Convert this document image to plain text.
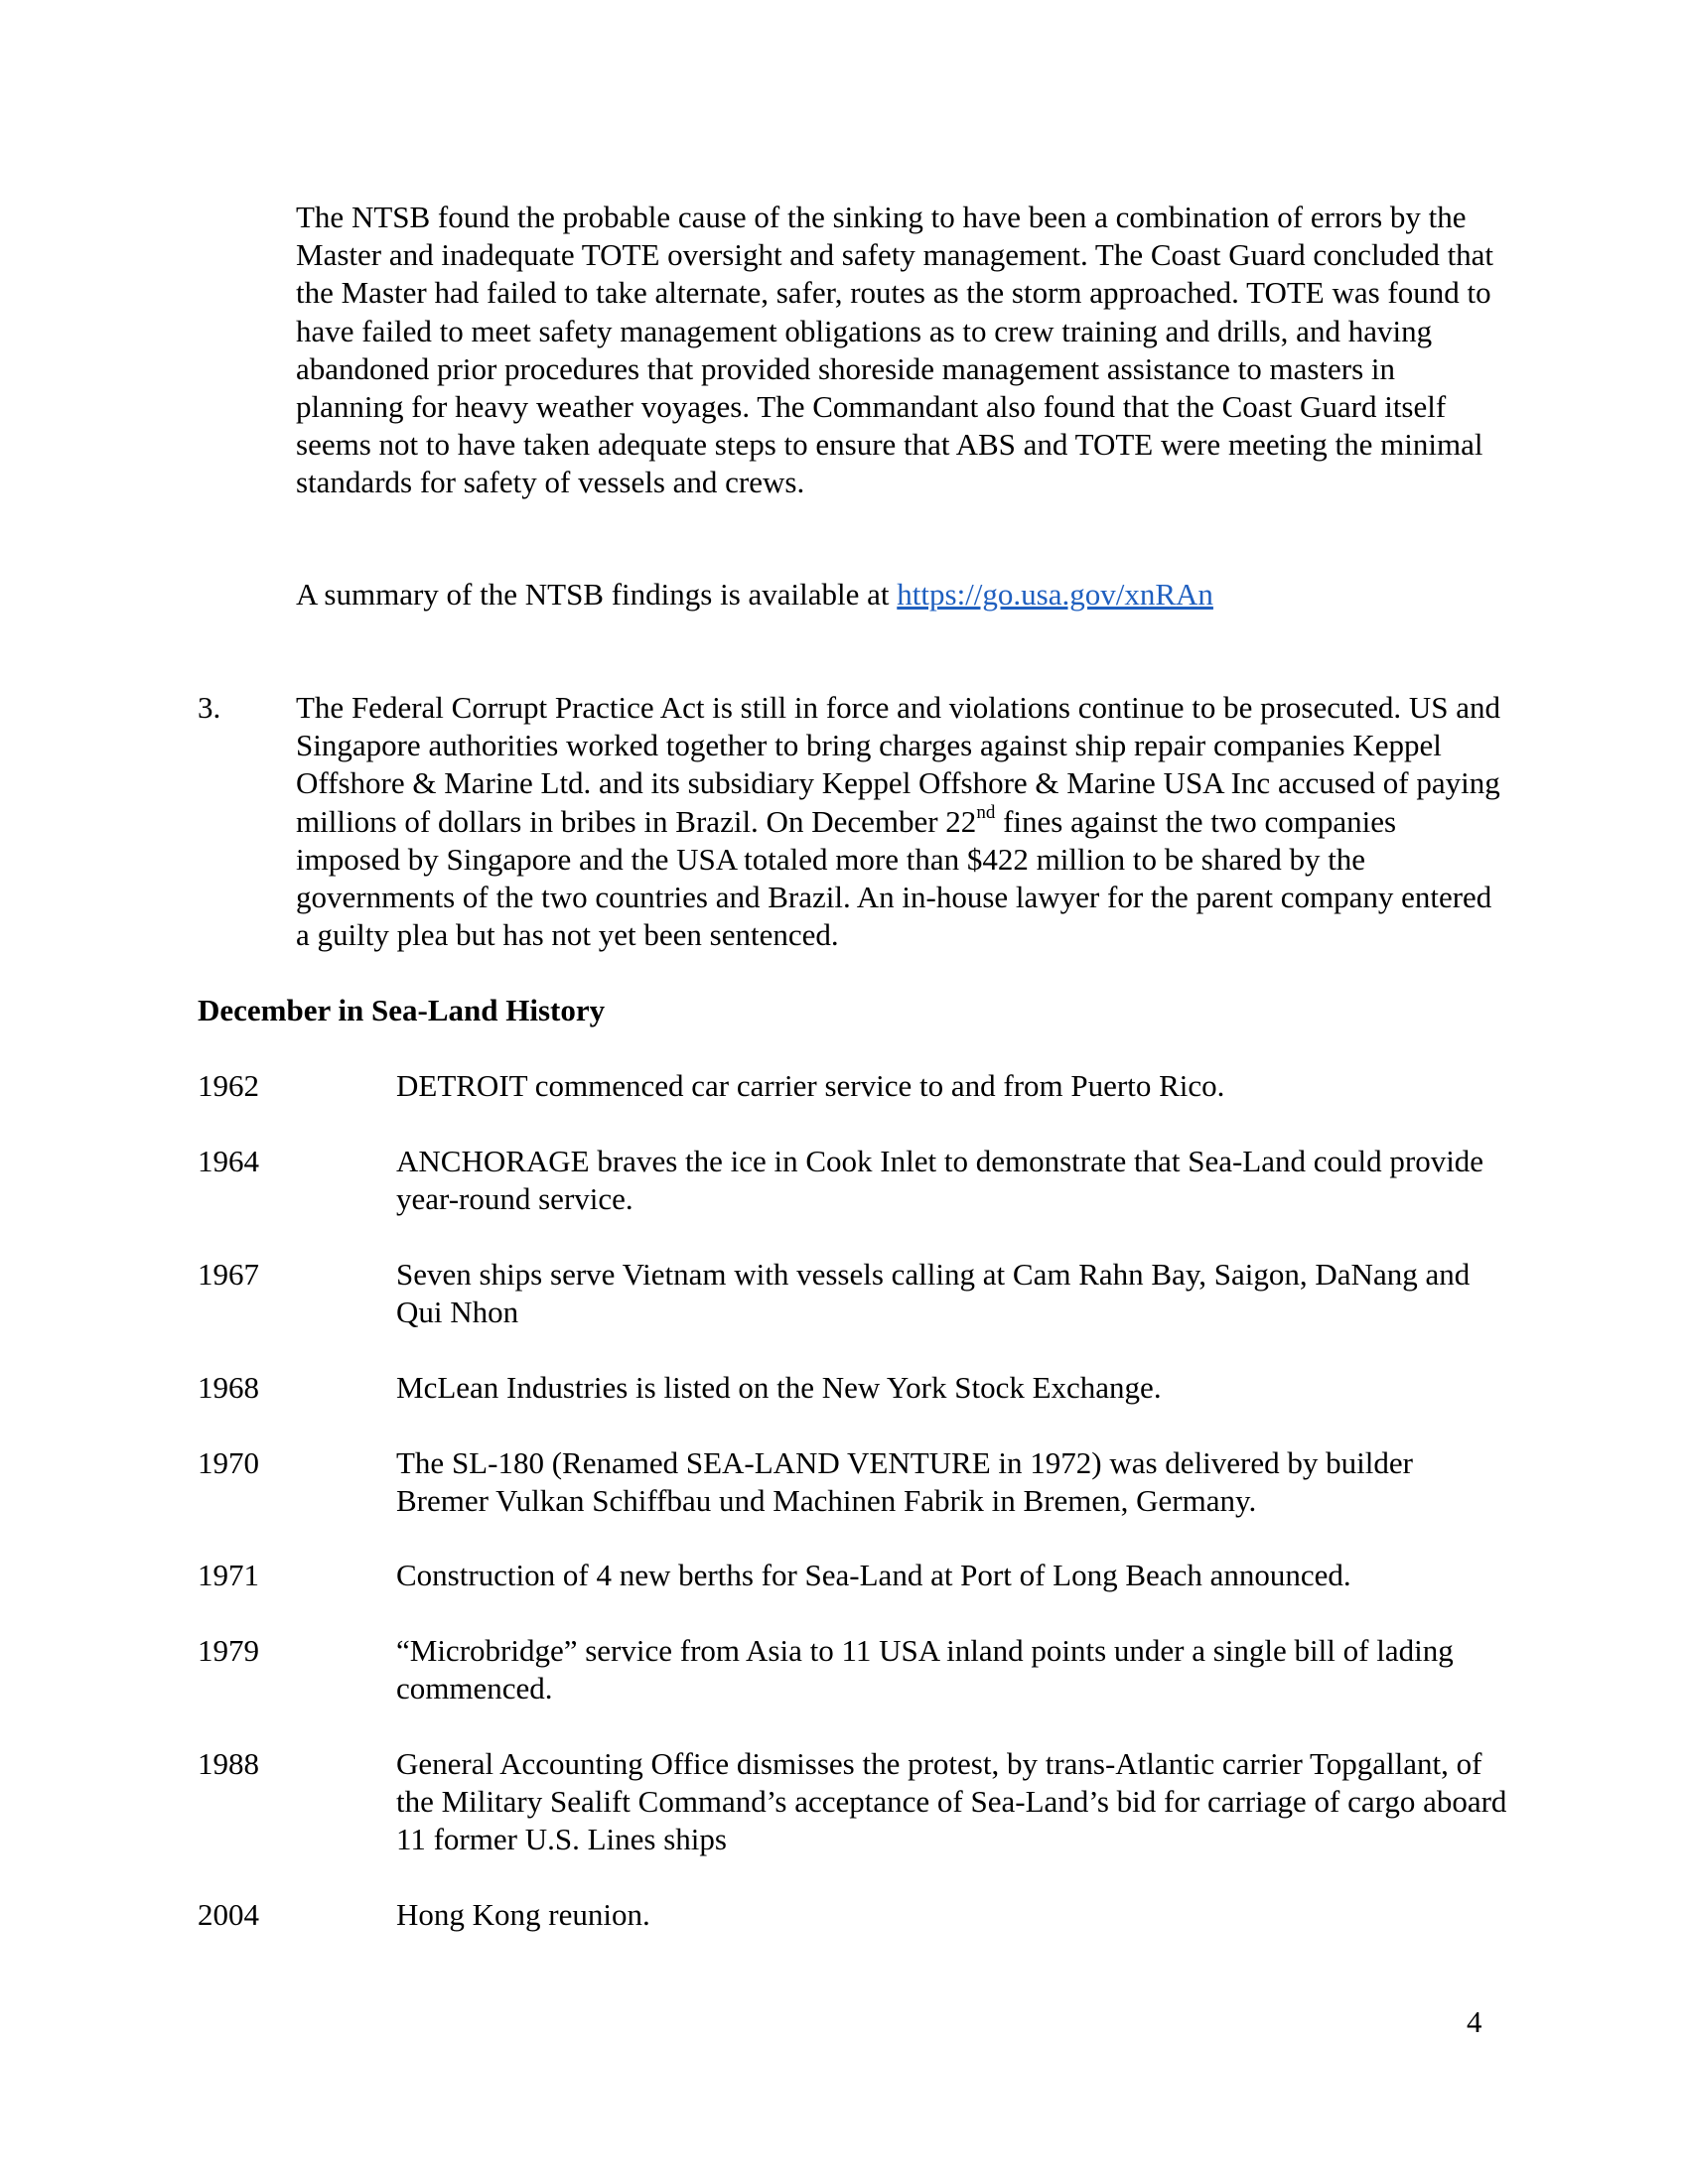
The NTSB found the probable cause of the sinking to have been a combination of errors by the Master and inadequate TOTE oversight and safety management. The Coast Guard concluded that the Master had failed to take alternate, safer, routes as the storm approached. TOTE was found to have failed to meet safety management obligations as to crew training and drills, and having abandoned prior procedures that provided shoreside management assistance to masters in planning for heavy weather voyages. The Commandant also found that the Coast Guard itself seems not to have taken adequate steps to ensure that ABS and TOTE were meeting the minimal standards for safety of vessels and crews.

A summary of the NTSB findings is available at https://go.usa.gov/xnRAn

3. The Federal Corrupt Practice Act is still in force and violations continue to be prosecuted. US and Singapore authorities worked together to bring charges against ship repair companies Keppel Offshore & Marine Ltd. and its subsidiary Keppel Offshore & Marine USA Inc accused of paying millions of dollars in bribes in Brazil. On December 22nd fines against the two companies imposed by Singapore and the USA totaled more than $422 million to be shared by the governments of the two countries and Brazil. An in-house lawyer for the parent company entered a guilty plea but has not yet been sentenced.

December in Sea-Land History
1962	DETROIT commenced car carrier service to and from Puerto Rico.
1964	ANCHORAGE braves the ice in Cook Inlet to demonstrate that Sea-Land could provide year-round service.
1967	Seven ships serve Vietnam with vessels calling at Cam Rahn Bay, Saigon, DaNang and Qui Nhon
1968	McLean Industries is listed on the New York Stock Exchange.
1970	The SL-180 (Renamed SEA-LAND VENTURE in 1972) was delivered by builder Bremer Vulkan Schiffbau und Machinen Fabrik in Bremen, Germany.
1971	Construction of 4 new berths for Sea-Land at Port of Long Beach announced.
1979	“Microbridge” service from Asia to 11 USA inland points under a single bill of lading commenced.
1988	General Accounting Office dismisses the protest, by trans-Atlantic carrier Topgallant, of the Military Sealift Command’s acceptance of Sea-Land’s bid for carriage of cargo aboard 11 former U.S. Lines ships
2004	Hong Kong reunion.
4
